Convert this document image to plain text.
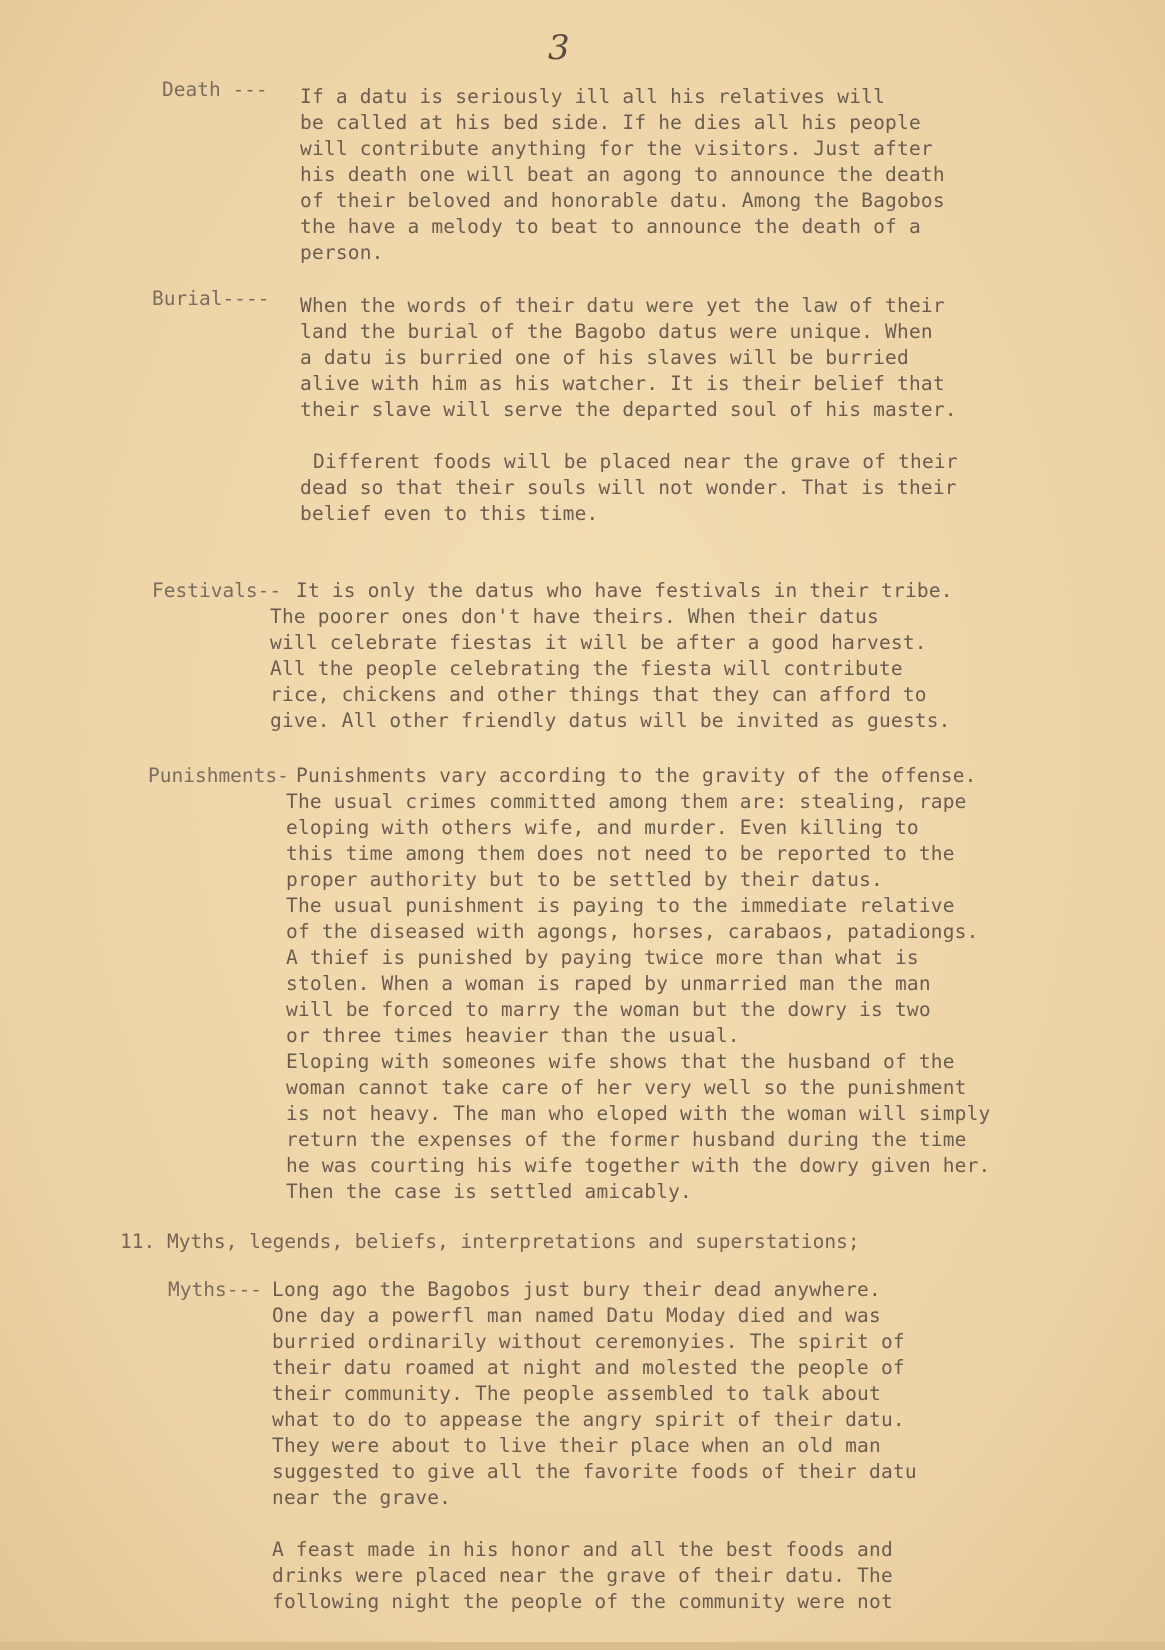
3
Death --- If a datu is seriously ill all his relatives will
be called at his bed side. If he dies all his people
will contribute anything for the visitors. Just after
his death one will beat an agong to announce the death
of their beloved and honorable datu. Among the Bagobos
the have a melody to beat to announce the death of a
person.
Burial---- When the words of their datu were yet the law of their
land the burial of the Bagobo datus were unique. When
a datu is burried one of his slaves will be burried
alive with him as his watcher. It is their belief that
their slave will serve the departed soul of his master.
Different foods will be placed near the grave of their
dead so that their souls will not wonder. That is their
belief even to this time.
Festivals-- It is only the datus who have festivals in their tribe.
The poorer ones don't have theirs. When their datus
will celebrate fiestas it will be after a good harvest.
All the people celebrating the fiesta will contribute
rice, chickens and other things that they can afford to
give. All other friendly datus will be invited as guests.
Punishments- Punishments vary according to the gravity of the offense.
The usual crimes committed among them are: stealing, rape
eloping with others wife, and murder. Even killing to
this time among them does not need to be reported to the
proper authority but to be settled by their datus.
The usual punishment is paying to the immediate relative
of the diseased with agongs, horses, carabaos, patadiongs.
A thief is punished by paying twice more than what is
stolen. When a woman is raped by unmarried man the man
will be forced to marry the woman but the dowry is two
or three times heavier than the usual.
Eloping with someones wife shows that the husband of the
woman cannot take care of her very well so the punishment
is not heavy. The man who eloped with the woman will simply
return the expenses of the former husband during the time
he was courting his wife together with the dowry given her.
Then the case is settled amicably.
11. Myths, legends, beliefs, interpretations and superstations;
Myths--- Long ago the Bagobos just bury their dead anywhere.
One day a powerfl man named Datu Moday died and was
burried ordinarily without ceremonyies. The spirit of
their datu roamed at night and molested the people of
their community. The people assembled to talk about
what to do to appease the angry spirit of their datu.
They were about to live their place when an old man
suggested to give all the favorite foods of their datu
near the grave.
A feast made in his honor and all the best foods and
drinks were placed near the grave of their datu. The
following night the people of the community were not
